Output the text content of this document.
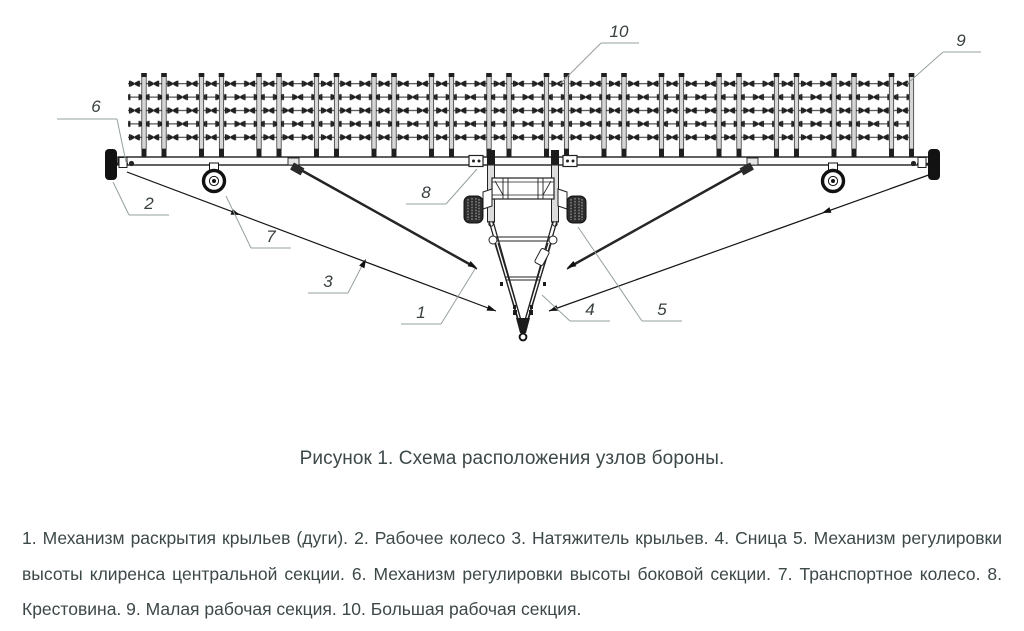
1
2
3
4	5
6
7
8
9
10
Рисунок 1. Схема расположения узлов бороны.

1. Механизм раскрытия крыльев (дуги). 2. Рабочее колесо 3. Натяжитель крыльев. 4. Сница 5. Механизм регулировки высоты клиренса центральной секции. 6. Механизм регулировки высоты боковой секции. 7. Транспортное колесо. 8. Крестовина. 9. Малая рабочая секция. 10. Большая рабочая секция.
